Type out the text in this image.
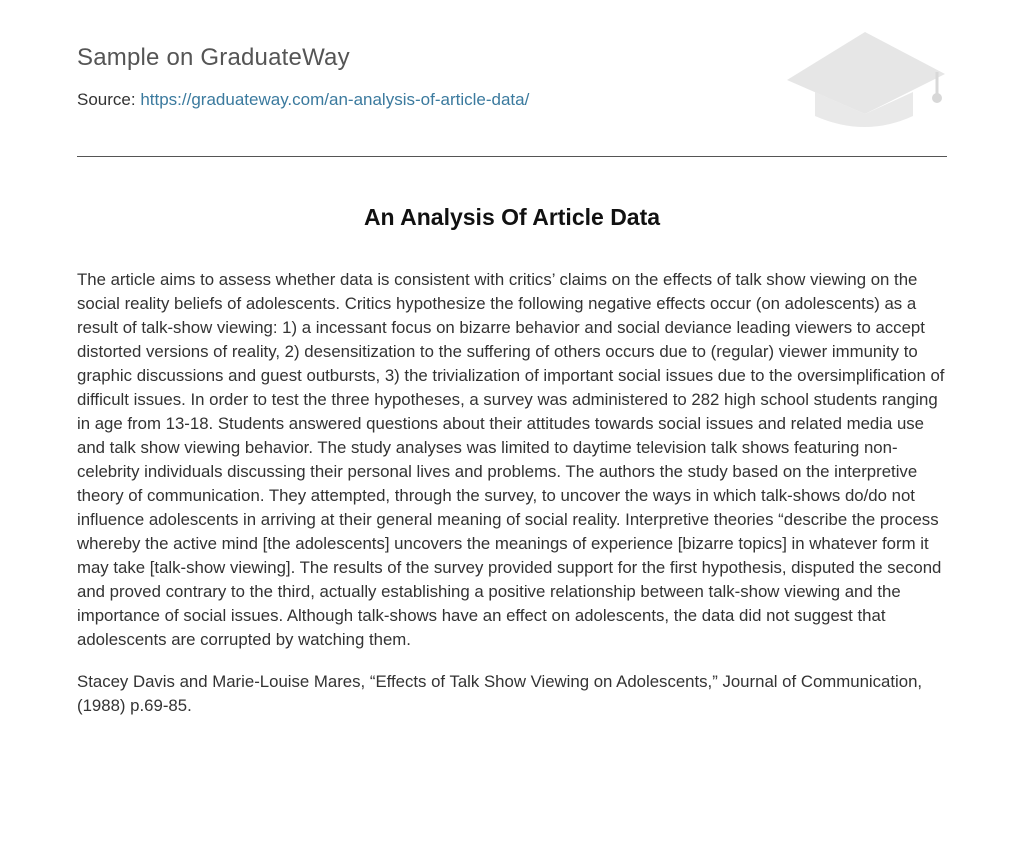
Sample on GraduateWay
Source: https://graduateway.com/an-analysis-of-article-data/
An Analysis Of Article Data

The article aims to assess whether data is consistent with critics’ claims on the effects of talk show viewing on the social reality beliefs of adolescents. Critics hypothesize the following negative effects occur (on adolescents) as a result of talk-show viewing: 1) a incessant focus on bizarre behavior and social deviance leading viewers to accept distorted versions of reality, 2) desensitization to the suffering of others occurs due to (regular) viewer immunity to graphic discussions and guest outbursts, 3) the trivialization of important social issues due to the oversimplification of difficult issues. In order to test the three hypotheses, a survey was administered to 282 high school students ranging in age from 13-18. Students answered questions about their attitudes towards social issues and related media use and talk show viewing behavior. The study analyses was limited to daytime television talk shows featuring non-celebrity individuals discussing their personal lives and problems. The authors the study based on the interpretive theory of communication. They attempted, through the survey, to uncover the ways in which talk-shows do/do not influence adolescents in arriving at their general meaning of social reality. Interpretive theories “describe the process whereby the active mind [the adolescents] uncovers the meanings of experience [bizarre topics] in whatever form it may take [talk-show viewing]. The results of the survey provided support for the first hypothesis, disputed the second and proved contrary to the third, actually establishing a positive relationship between talk-show viewing and the importance of social issues. Although talk-shows have an effect on adolescents, the data did not suggest that adolescents are corrupted by watching them.

Stacey Davis and Marie-Louise Mares, “Effects of Talk Show Viewing on Adolescents,” Journal of Communication, (1988) p.69-85.
